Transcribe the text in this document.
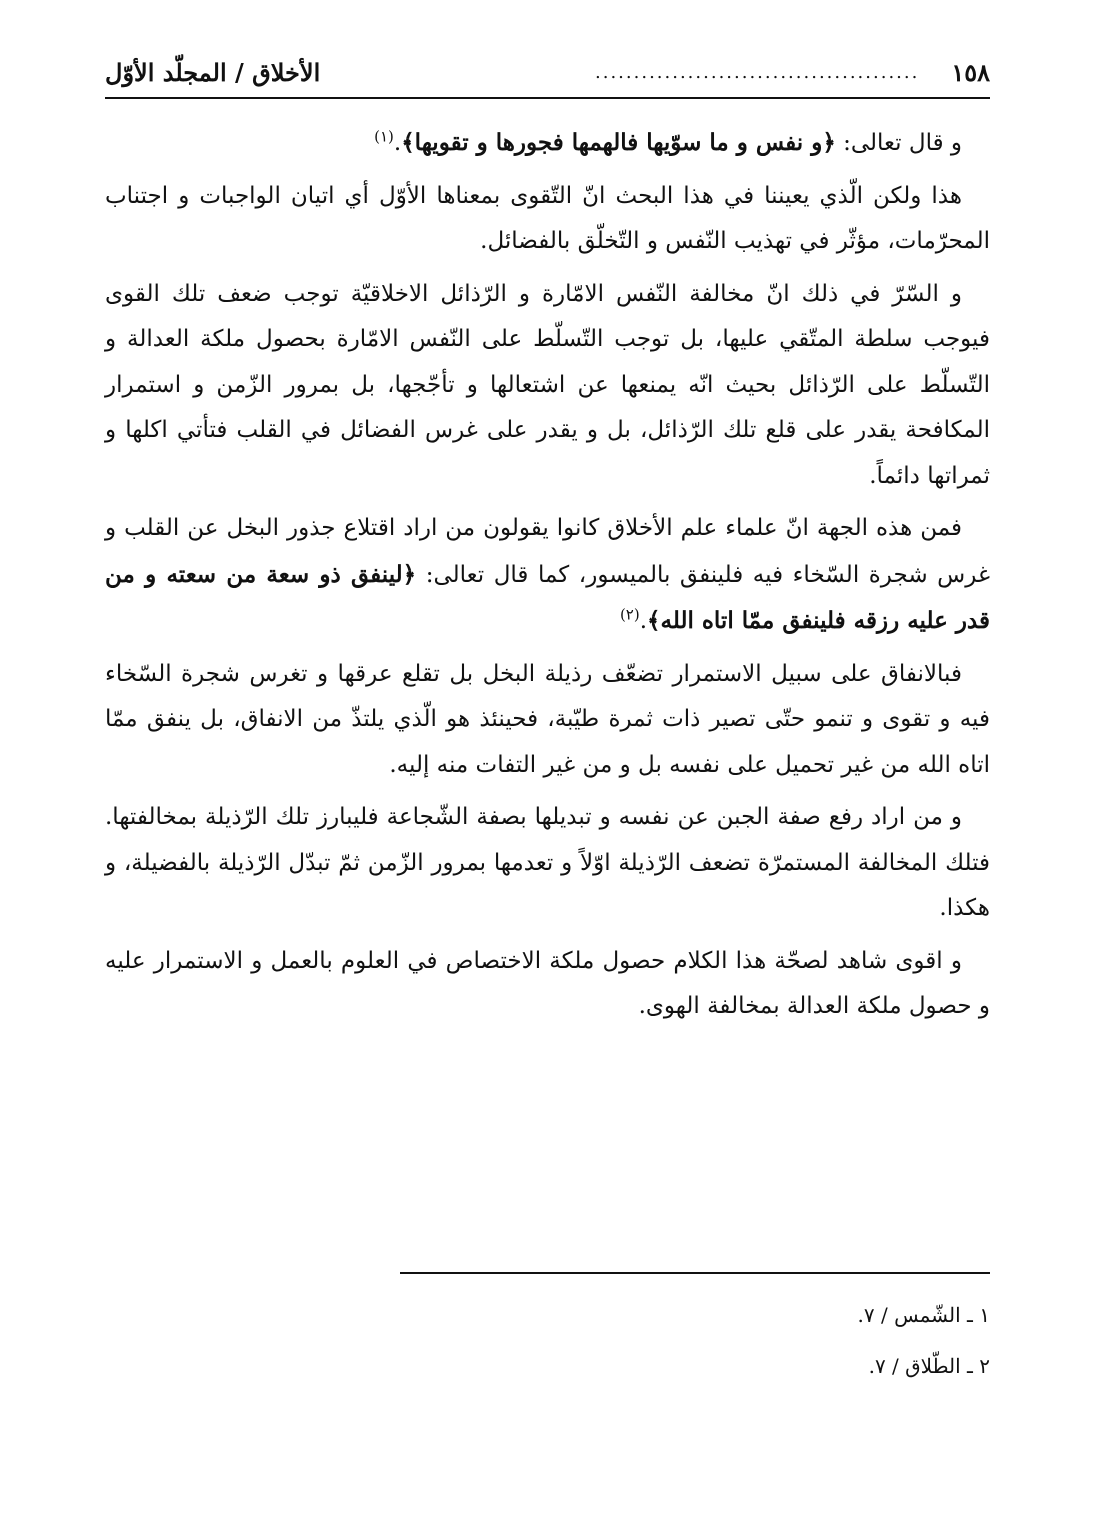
١٥٨
..........................................
الأخلاق / المجلّد الأوّل

و قال تعالى: ﴿و نفس و ما سوّيها فالهمها فجورها و تقويها﴾.$^{(١)}$

هذا ولكن الّذي يعيننا في هذا البحث انّ التّقوى بمعناها الأوّل أي اتيان الواجبات و اجتناب المحرّمات، مؤثّر في تهذيب النّفس و التّخلّق بالفضائل.

و السّرّ في ذلك انّ مخالفة النّفس الامّارة و الرّذائل الاخلاقيّة توجب ضعف تلك القوى فيوجب سلطة المتّقي عليها، بل توجب التّسلّط على النّفس الامّارة بحصول ملكة العدالة و التّسلّط على الرّذائل بحيث انّه يمنعها عن اشتعالها و تأجّجها، بل بمرور الزّمن و استمرار المكافحة يقدر على قلع تلك الرّذائل، بل و يقدر على غرس الفضائل في القلب فتأتي اكلها و ثمراتها دائماً.

فمن هذه الجهة انّ علماء علم الأخلاق كانوا يقولون من اراد اقتلاع جذور البخل عن القلب و غرس شجرة السّخاء فيه فلينفق بالميسور، كما قال تعالى: ﴿لينفق ذو سعة من سعته و من قدر عليه رزقه فلينفق ممّا اتاه الله﴾.$^{(٢)}$

فبالانفاق على سبيل الاستمرار تضعّف رذيلة البخل بل تقلع عرقها و تغرس شجرة السّخاء فيه و تقوى و تنمو حتّى تصير ذات ثمرة طيّبة، فحينئذ هو الّذي يلتذّ من الانفاق، بل ينفق ممّا اتاه الله من غير تحميل على نفسه بل و من غير التفات منه إليه.

و من اراد رفع صفة الجبن عن نفسه و تبديلها بصفة الشّجاعة فليبارز تلك الرّذيلة بمخالفتها. فتلك المخالفة المستمرّة تضعف الرّذيلة اوّلاً و تعدمها بمرور الزّمن ثمّ تبدّل الرّذيلة بالفضيلة، و هكذا.

و اقوى شاهد لصحّة هذا الكلام حصول ملكة الاختصاص في العلوم بالعمل و الاستمرار عليه و حصول ملكة العدالة بمخالفة الهوى.

١ ـ الشّمس / ٧.
٢ ـ الطّلاق / ٧.
